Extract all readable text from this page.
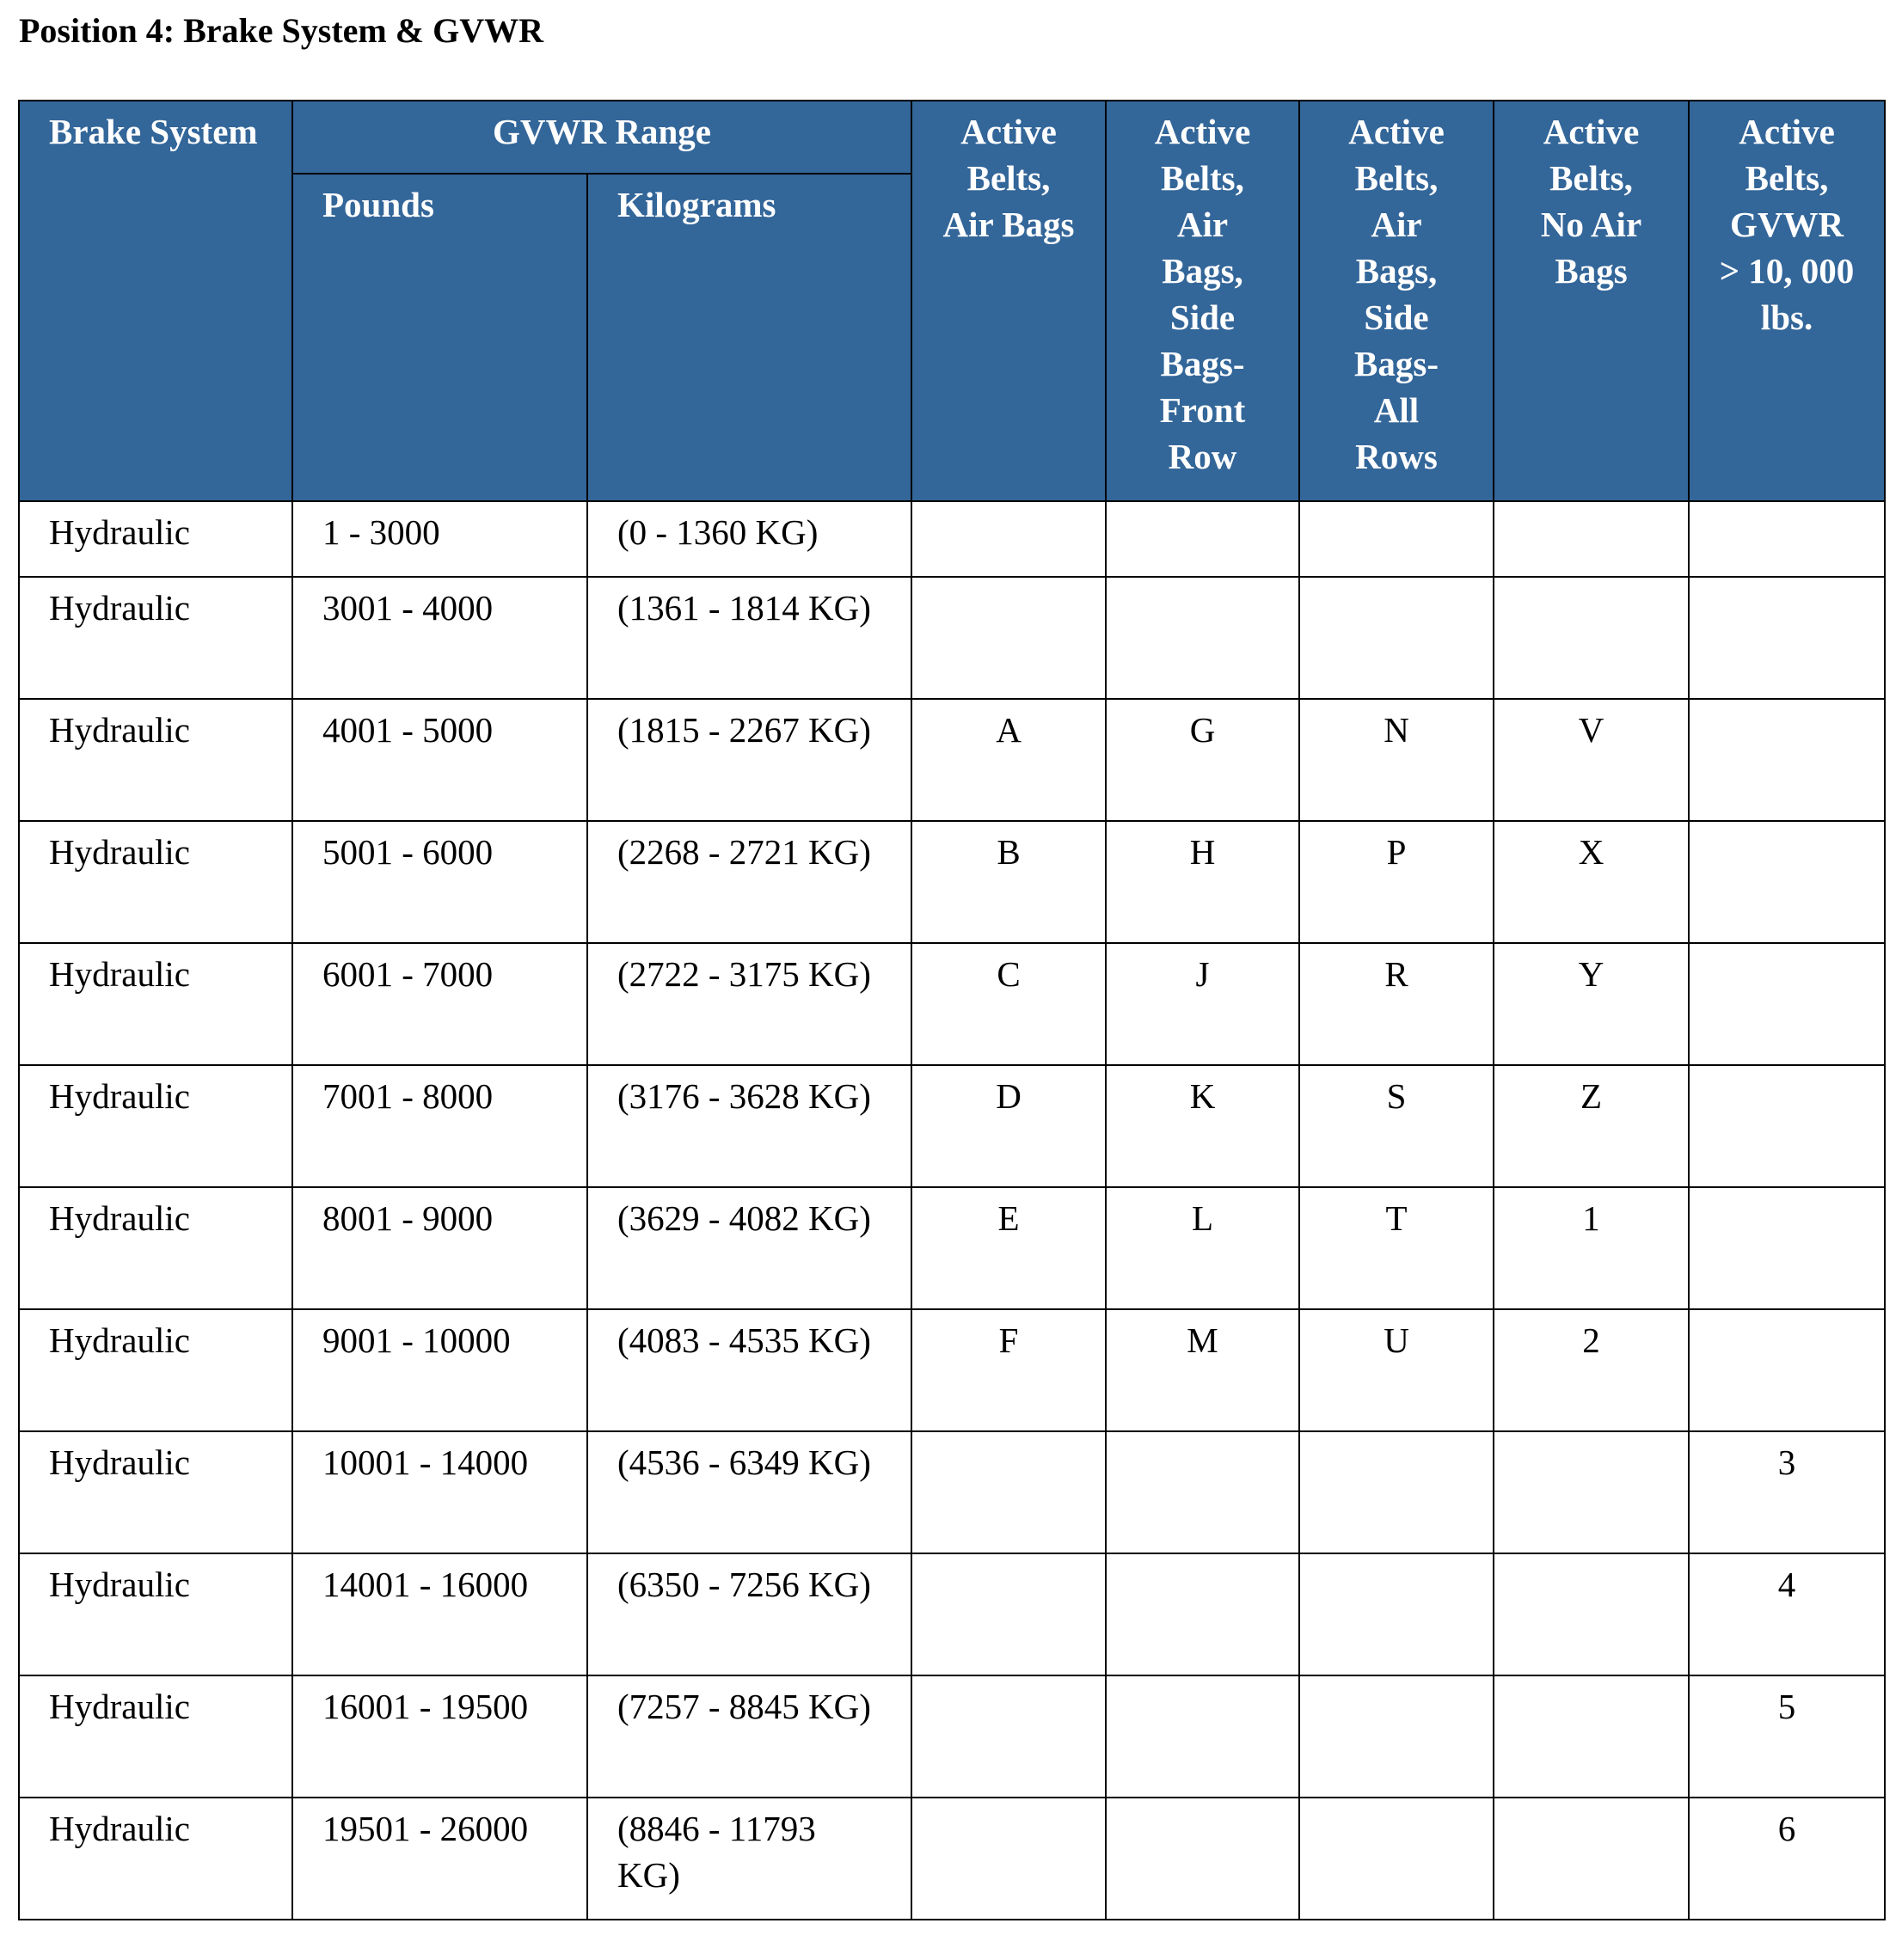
Position 4: Brake System & GVWR
Brake System	GVWR Range		Active Belts, Air Bags	Active Belts, Air Bags, Side Bags- Front Row	Active Belts, Air Bags, Side Bags- All Rows	Active Belts, No Air Bags	Active Belts, GVWR > 10, 000 lbs.
	Pounds	Kilograms					
Hydraulic	1 - 3000	(0 - 1360 KG)					
Hydraulic	3001 - 4000	(1361 - 1814 KG)					
Hydraulic	4001 - 5000	(1815 - 2267 KG)	A	G	N	V	
Hydraulic	5001 - 6000	(2268 - 2721 KG)	B	H	P	X	
Hydraulic	6001 - 7000	(2722 - 3175 KG)	C	J	R	Y	
Hydraulic	7001 - 8000	(3176 - 3628 KG)	D	K	S	Z	
Hydraulic	8001 - 9000	(3629 - 4082 KG)	E	L	T	1	
Hydraulic	9001 - 10000	(4083 - 4535 KG)	F	M	U	2	
Hydraulic	10001 - 14000	(4536 - 6349 KG)					3
Hydraulic	14001 - 16000	(6350 - 7256 KG)					4
Hydraulic	16001 - 19500	(7257 - 8845 KG)					5
Hydraulic	19501 - 26000	(8846 - 11793 KG)					6
